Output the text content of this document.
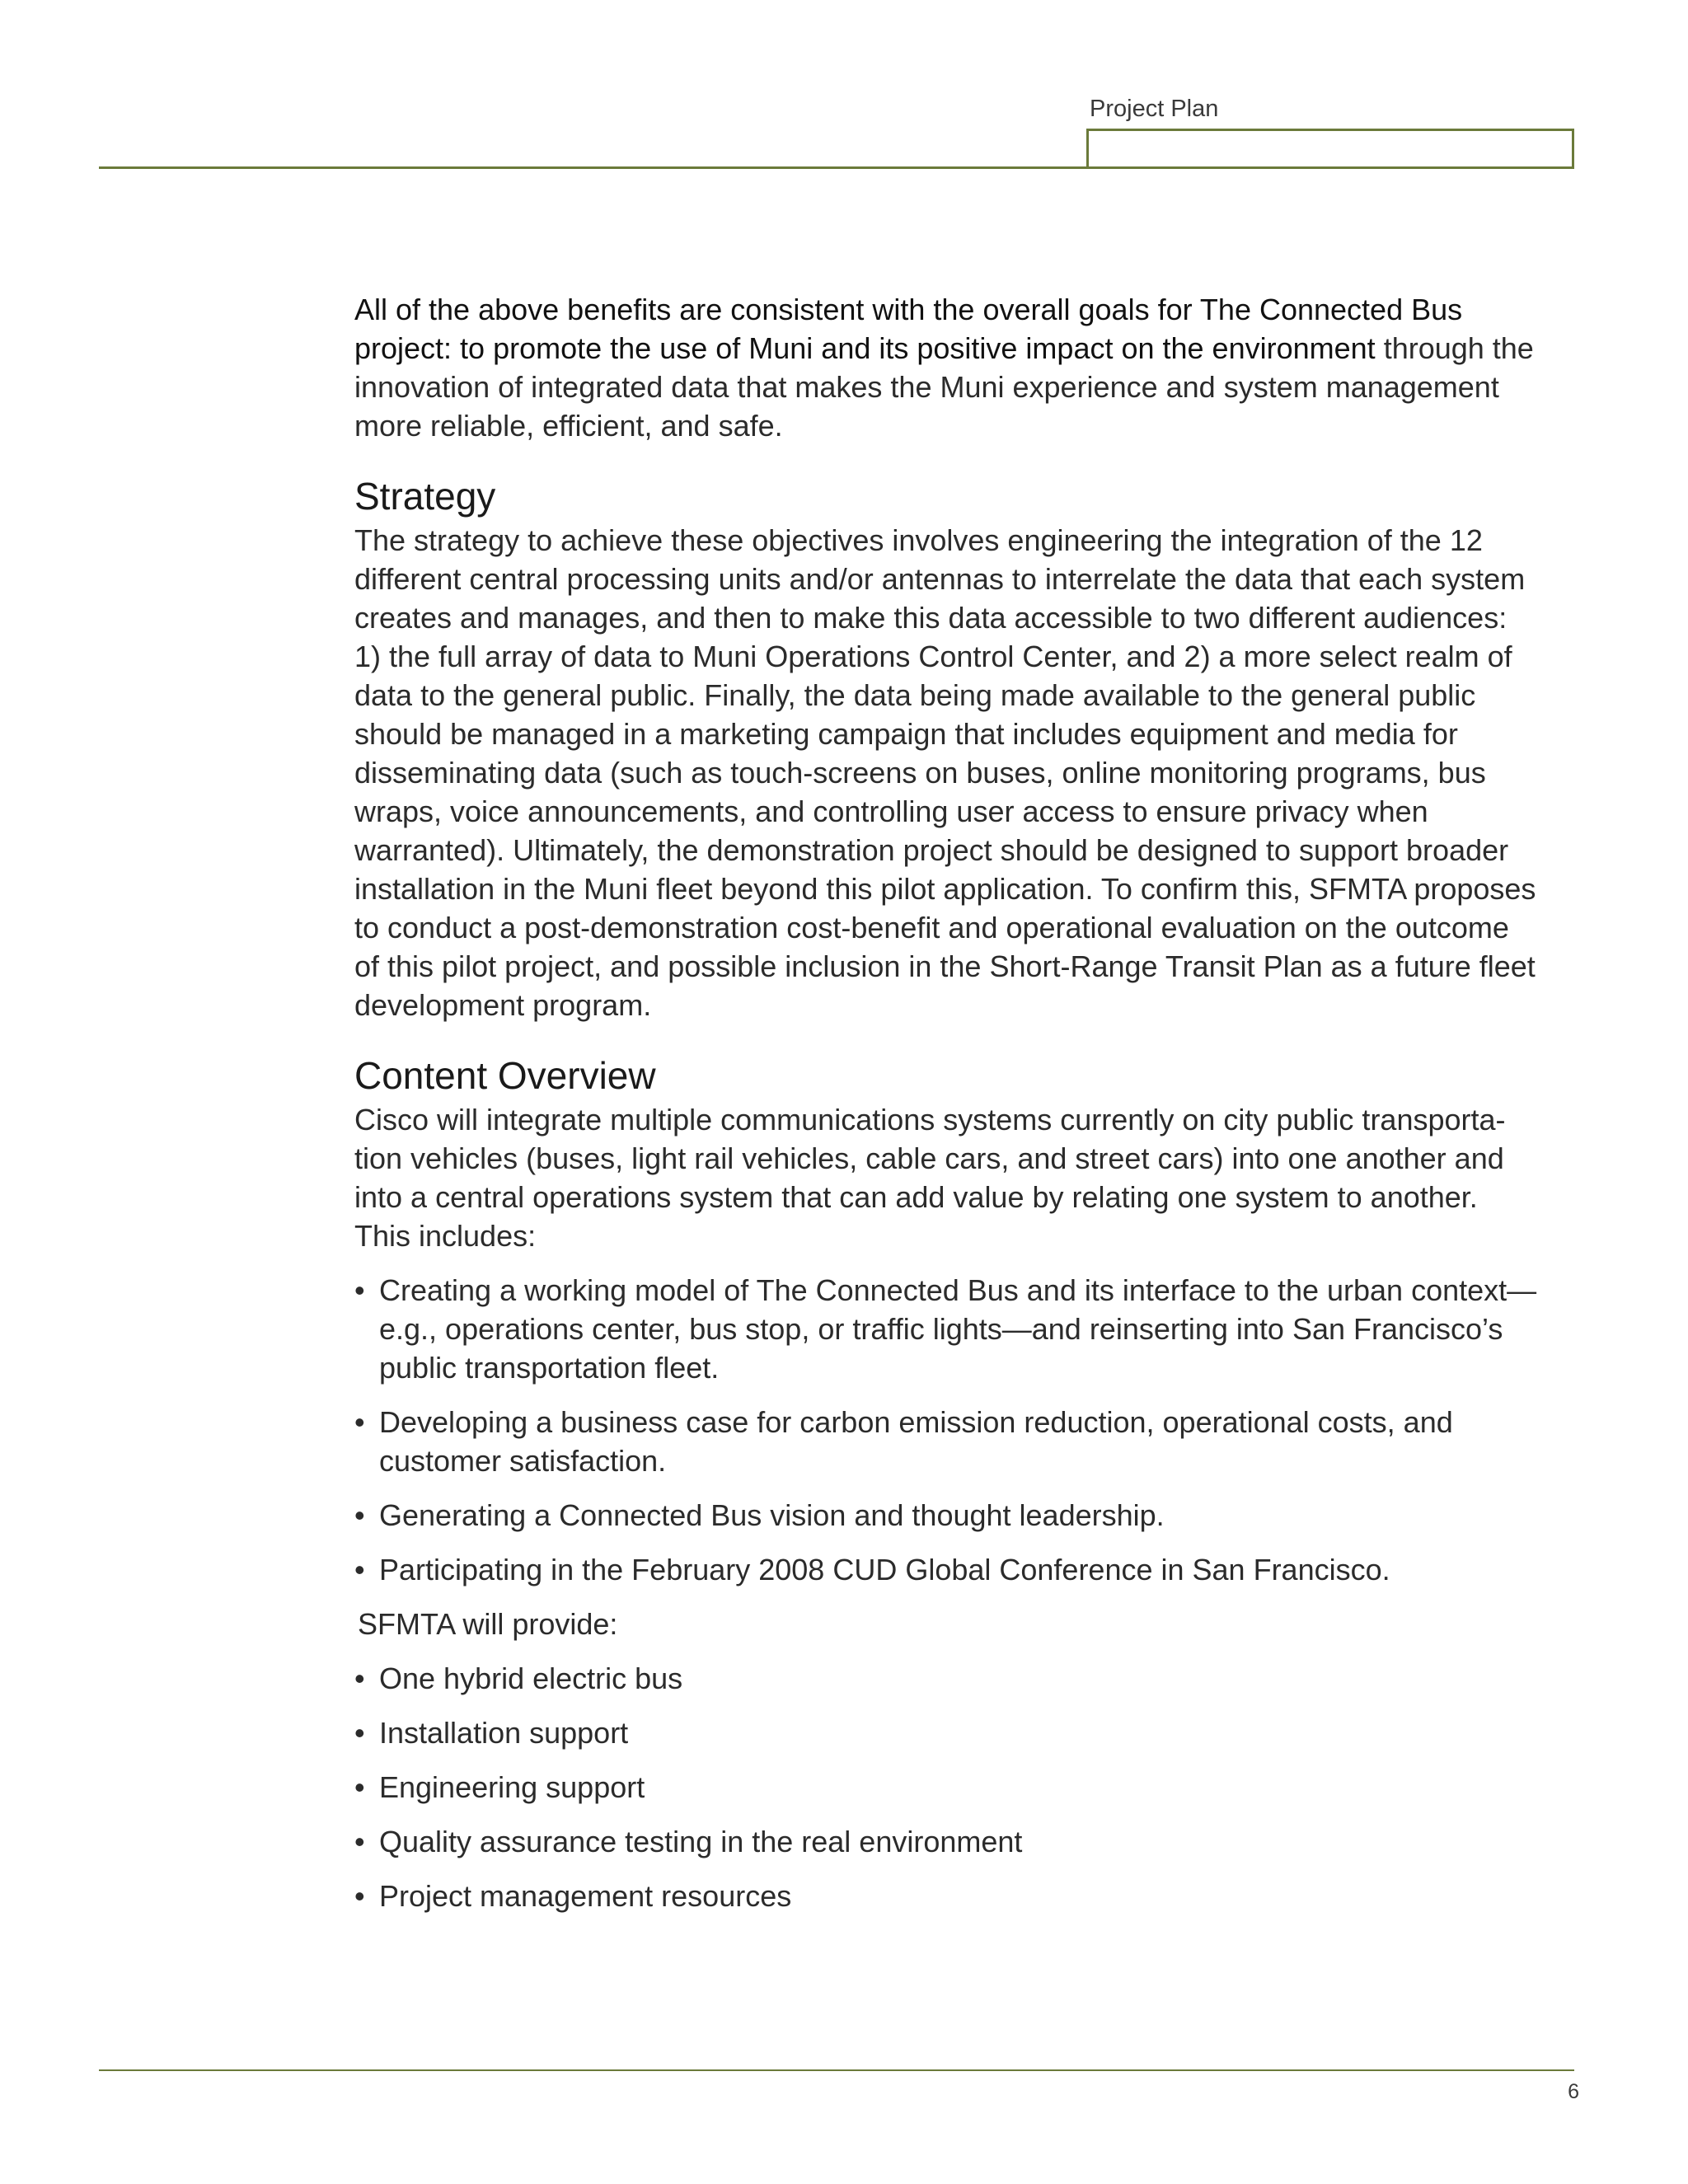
Project Plan

All of the above benefits are consistent with the overall goals for The Connected Bus project: to promote the use of Muni and its positive impact on the environment through the innovation of integrated data that makes the Muni experience and system management more reliable, efficient, and safe.

Strategy

The strategy to achieve these objectives involves engineering the integration of the 12 different central processing units and/or antennas to interrelate the data that each system creates and manages, and then to make this data accessible to two different audiences: 1) the full array of data to Muni Operations Control Center, and 2) a more select realm of data to the general public. Finally, the data being made available to the general public should be managed in a marketing campaign that includes equipment and media for disseminating data (such as touch-screens on buses, online monitoring programs, bus wraps, voice announcements, and controlling user access to ensure privacy when warranted). Ultimately, the demonstration project should be designed to support broader installation in the Muni fleet beyond this pilot application. To confirm this, SFMTA proposes to conduct a post-demonstration cost-benefit and operational evaluation on the outcome of this pilot project, and possible inclusion in the Short-Range Transit Plan as a future fleet development program.

Content Overview

Cisco will integrate multiple communications systems currently on city public transporta-tion vehicles (buses, light rail vehicles, cable cars, and street cars) into one another and into a central operations system that can add value by relating one system to another. This includes:

• Creating a working model of The Connected Bus and its interface to the urban context—e.g., operations center, bus stop, or traffic lights—and reinserting into San Francisco’s public transportation fleet.
• Developing a business case for carbon emission reduction, operational costs, and customer satisfaction.
• Generating a Connected Bus vision and thought leadership.
• Participating in the February 2008 CUD Global Conference in San Francisco.
SFMTA will provide:
• One hybrid electric bus
• Installation support
• Engineering support
• Quality assurance testing in the real environment
• Project management resources
6
